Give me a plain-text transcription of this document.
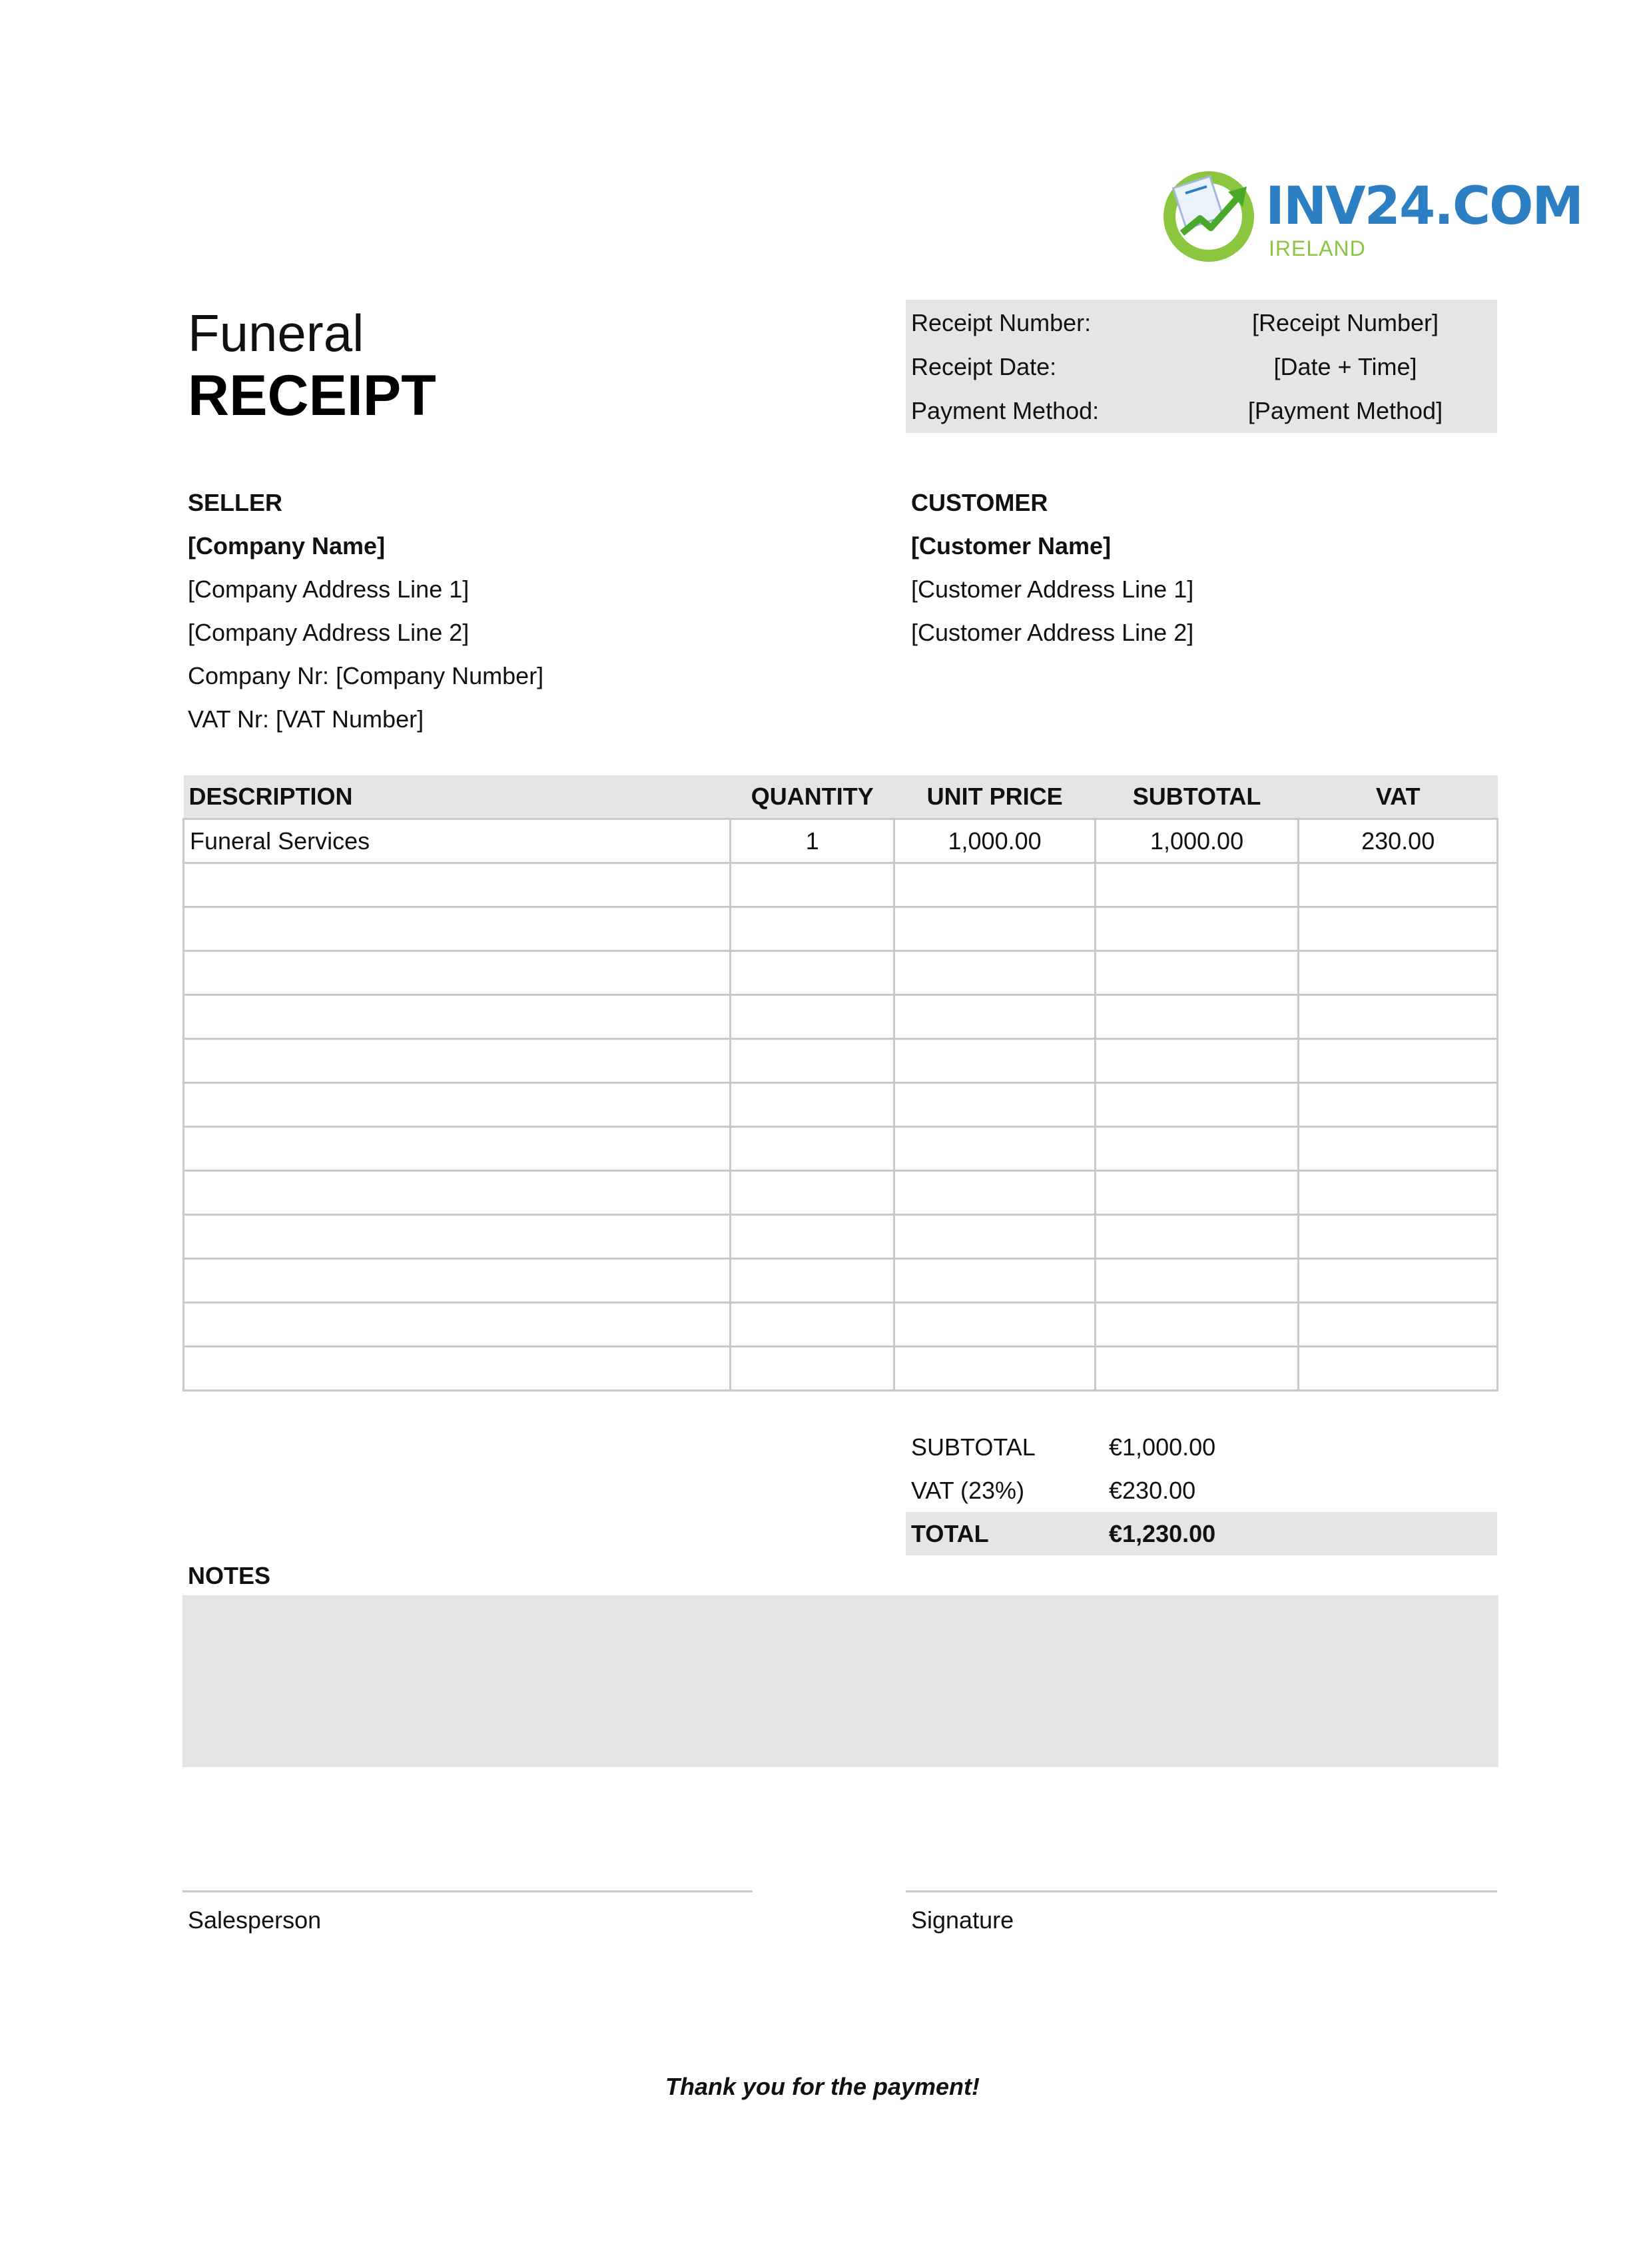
INV24.COM
IRELAND
Funeral
RECEIPT
Receipt Number:	[Receipt Number]
Receipt Date:	[Date + Time]
Payment Method:	[Payment Method]
SELLER
[Company Name]
[Company Address Line 1]
[Company Address Line 2]
Company Nr: [Company Number]
VAT Nr: [VAT Number]
CUSTOMER
[Customer Name]
[Customer Address Line 1]
[Customer Address Line 2]
DESCRIPTION	QUANTITY	UNIT PRICE	SUBTOTAL	VAT
Funeral Services	1	1,000.00	1,000.00	230.00

SUBTOTAL	€1,000.00
VAT (23%)	€230.00
TOTAL	€1,230.00
NOTES
Salesperson	Signature
Thank you for the payment!
